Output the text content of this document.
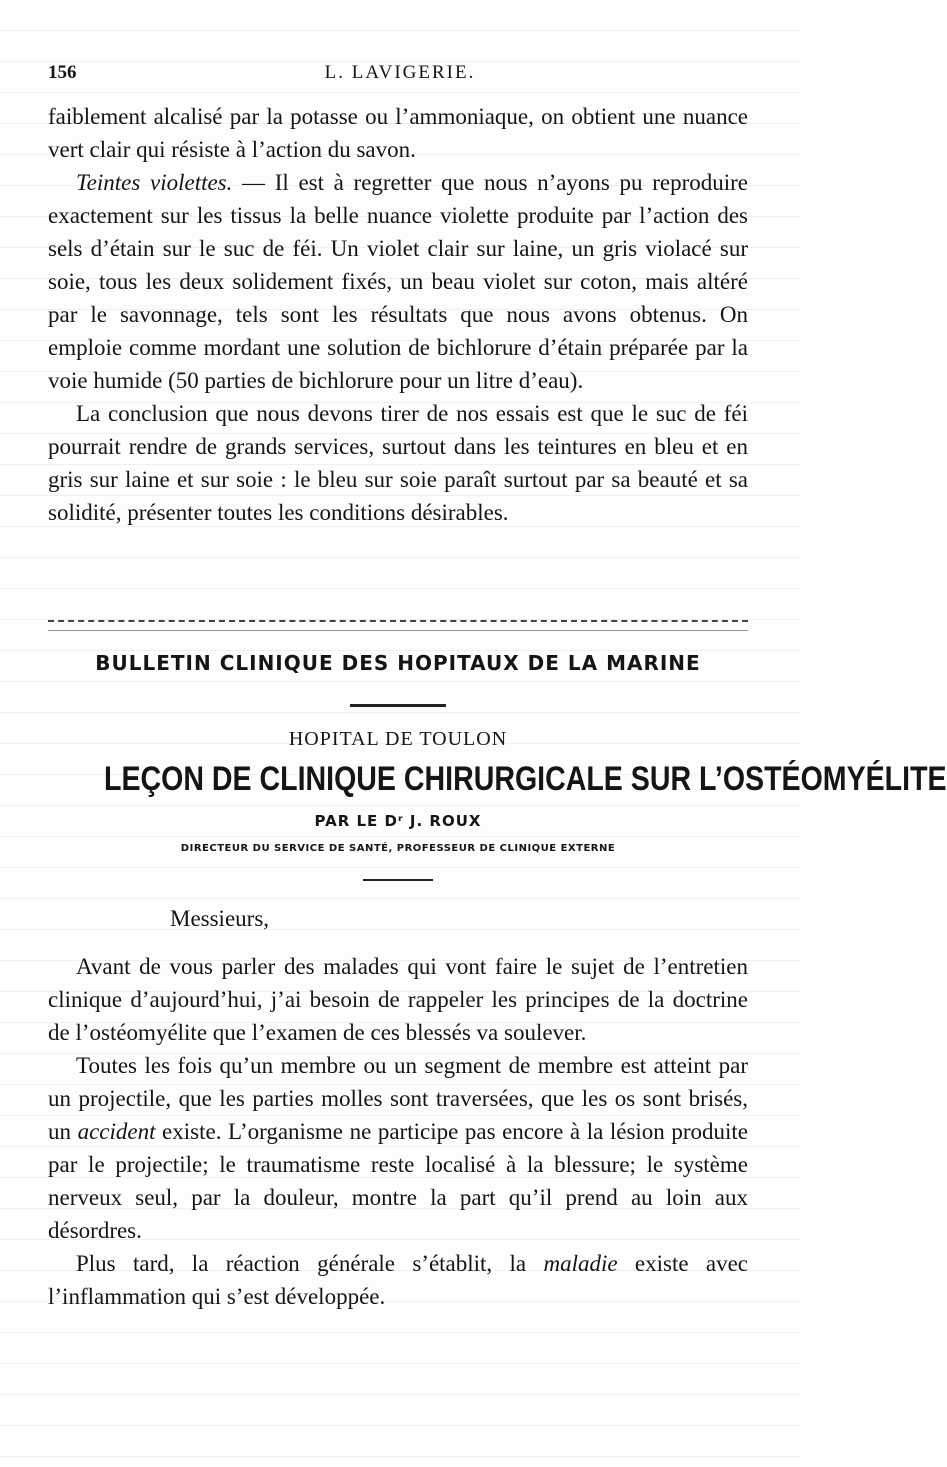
156	L. LAVIGERIE.

faiblement alcalisé par la potasse ou l’ammoniaque, on obtient une nuance vert clair qui résiste à l’action du savon.

Teintes violettes. — Il est à regretter que nous n’ayons pu reproduire exactement sur les tissus la belle nuance violette produite par l’action des sels d’étain sur le suc de féi. Un violet clair sur laine, un gris violacé sur soie, tous les deux solidement fixés, un beau violet sur coton, mais altéré par le savonnage, tels sont les résultats que nous avons obtenus. On emploie comme mordant une solution de bichlorure d’étain préparée par la voie humide (50 parties de bichlorure pour un litre d’eau).

La conclusion que nous devons tirer de nos essais est que le suc de féi pourrait rendre de grands services, surtout dans les teintures en bleu et en gris sur laine et sur soie : le bleu sur soie paraît surtout par sa beauté et sa solidité, présenter toutes les conditions désirables.

BULLETIN CLINIQUE DES HOPITAUX DE LA MARINE
HOPITAL DE TOULON
LEÇON DE CLINIQUE CHIRURGICALE SUR L’OSTÉOMYÉLITE
PAR LE Dʳ J. ROUX
DIRECTEUR DU SERVICE DE SANTÉ, PROFESSEUR DE CLINIQUE EXTERNE
Messieurs,

Avant de vous parler des malades qui vont faire le sujet de l’entretien clinique d’aujourd’hui, j’ai besoin de rappeler les principes de la doctrine de l’ostéomyélite que l’examen de ces blessés va soulever.

Toutes les fois qu’un membre ou un segment de membre est atteint par un projectile, que les parties molles sont traversées, que les os sont brisés, un accident existe. L’organisme ne participe pas encore à la lésion produite par le projectile; le traumatisme reste localisé à la blessure; le système nerveux seul, par la douleur, montre la part qu’il prend au loin aux désordres.

Plus tard, la réaction générale s’établit, la maladie existe avec l’inflammation qui s’est développée.
